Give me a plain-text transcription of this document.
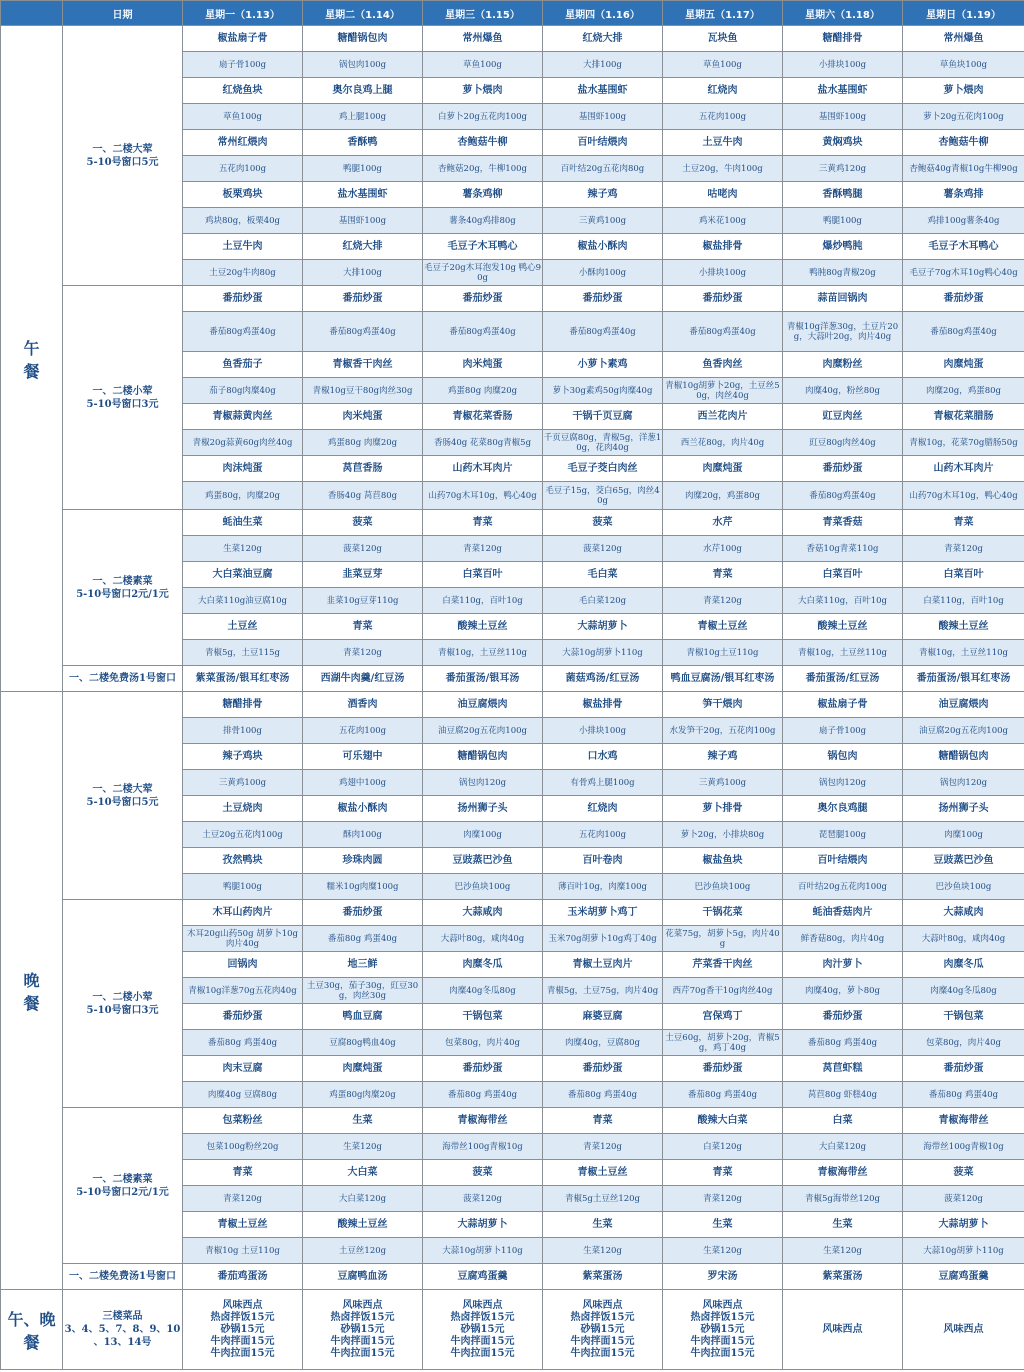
	日期	星期一（1.13）	星期二（1.14）	星期三（1.15）	星期四（1.16）	星期五（1.17）	星期六（1.18）	星期日（1.19）

午
餐	一、二楼大荤
5-10号窗口5元	椒盐扇子骨	糖醋锅包肉	常州爆鱼	红烧大排	瓦块鱼	糖醋排骨	常州爆鱼

		扇子骨100g	锅包肉100g	草鱼100g	大排100g	草鱼100g	小排块100g	草鱼块100g

		红烧鱼块	奥尔良鸡上腿	萝卜煨肉	盐水基围虾	红烧肉	盐水基围虾	萝卜煨肉

		草鱼100g	鸡上腿100g	白萝卜20g五花肉100g	基围虾100g	五花肉100g	基围虾100g	萝卜20g五花肉100g

		常州红煨肉	香酥鸭	杏鲍菇牛柳	百叶结煨肉	土豆牛肉	黄焖鸡块	杏鲍菇牛柳

		五花肉100g	鸭腿100g	杏鲍菇20g，牛柳100g	百叶结20g五花肉80g	土豆20g，牛肉100g	三黄鸡120g	杏鲍菇40g青椒10g牛柳90g

		板栗鸡块	盐水基围虾	薯条鸡柳	辣子鸡	咕咾肉	香酥鸭腿	薯条鸡排

		鸡块80g，板栗40g	基围虾100g	薯条40g鸡排80g	三黄鸡100g	鸡米花100g	鸭腿100g	鸡排100g薯条40g

		土豆牛肉	红烧大排	毛豆子木耳鸭心	椒盐小酥肉	椒盐排骨	爆炒鸭肫	毛豆子木耳鸭心

		土豆20g牛肉80g	大排100g	毛豆子20g木耳泡发10g 鸭心90g	小酥肉100g	小排块100g	鸭肫80g青椒20g	毛豆子70g木耳10g鸭心40g

	一、二楼小荤
5-10号窗口3元	番茄炒蛋	番茄炒蛋	番茄炒蛋	番茄炒蛋	番茄炒蛋	蒜苗回锅肉	番茄炒蛋

		番茄80g鸡蛋40g	番茄80g鸡蛋40g	番茄80g鸡蛋40g	番茄80g鸡蛋40g	番茄80g鸡蛋40g	青椒10g洋葱30g，土豆片20g，大蒜叶20g，肉片40g	番茄80g鸡蛋40g

		鱼香茄子	青椒香干肉丝	肉米炖蛋	小萝卜素鸡	鱼香肉丝	肉糜粉丝	肉糜炖蛋

		茄子80g肉糜40g	青椒10g豆干80g肉丝30g	鸡蛋80g 肉糜20g	萝卜30g素鸡50g肉糜40g	青椒10g胡萝卜20g，土豆丝50g，肉丝40g	肉糜40g，粉丝80g	肉糜20g，鸡蛋80g

		青椒蒜黄肉丝	肉米炖蛋	青椒花菜香肠	干锅千页豆腐	西兰花肉片	豇豆肉丝	青椒花菜腊肠

		青椒20g蒜黄60g肉丝40g	鸡蛋80g 肉糜20g	香肠40g 花菜80g青椒5g	千页豆腐80g，青椒5g，洋葱10g，花肉40g	西兰花80g，肉片40g	豇豆80g肉丝40g	青椒10g，花菜70g腊肠50g

		肉沫炖蛋	莴苣香肠	山药木耳肉片	毛豆子茭白肉丝	肉糜炖蛋	番茄炒蛋	山药木耳肉片

		鸡蛋80g，肉糜20g	香肠40g 莴苣80g	山药70g木耳10g，鸭心40g	毛豆子15g，茭白65g，肉丝40g	肉糜20g，鸡蛋80g	番茄80g鸡蛋40g	山药70g木耳10g，鸭心40g

	一、二楼素菜
5-10号窗口2元/1元	蚝油生菜	菠菜	青菜	菠菜	水芹	青菜香菇	青菜

		生菜120g	菠菜120g	青菜120g	菠菜120g	水芹100g	香菇10g青菜110g	青菜120g

		大白菜油豆腐	韭菜豆芽	白菜百叶	毛白菜	青菜	白菜百叶	白菜百叶

		大白菜110g油豆腐10g	韭菜10g豆芽110g	白菜110g，百叶10g	毛白菜120g	青菜120g	大白菜110g，百叶10g	白菜110g，百叶10g

		土豆丝	青菜	酸辣土豆丝	大蒜胡萝卜	青椒土豆丝	酸辣土豆丝	酸辣土豆丝

		青椒5g，土豆115g	青菜120g	青椒10g，土豆丝110g	大蒜10g胡萝卜110g	青椒10g土豆110g	青椒10g，土豆丝110g	青椒10g，土豆丝110g

	一、二楼免费汤1号窗口	紫菜蛋汤/银耳红枣汤	西湖牛肉羹/红豆汤	番茄蛋汤/银耳汤	菌菇鸡汤/红豆汤	鸭血豆腐汤/银耳红枣汤	番茄蛋汤/红豆汤	番茄蛋汤/银耳红枣汤

晚
餐	一、二楼大荤
5-10号窗口5元	糖醋排骨	酒香肉	油豆腐煨肉	椒盐排骨	笋干煨肉	椒盐扇子骨	油豆腐煨肉

		排骨100g	五花肉100g	油豆腐20g五花肉100g	小排块100g	水发笋干20g，五花肉100g	扇子骨100g	油豆腐20g五花肉100g

		辣子鸡块	可乐翅中	糖醋锅包肉	口水鸡	辣子鸡	锅包肉	糖醋锅包肉

		三黄鸡100g	鸡翅中100g	锅包肉120g	有骨鸡上腿100g	三黄鸡100g	锅包肉120g	锅包肉120g

		土豆烧肉	椒盐小酥肉	扬州狮子头	红烧肉	萝卜排骨	奥尔良鸡腿	扬州狮子头

		土豆20g五花肉100g	酥肉100g	肉糜100g	五花肉100g	萝卜20g，小排块80g	琵琶腿100g	肉糜100g

		孜然鸭块	珍珠肉圆	豆豉蒸巴沙鱼	百叶卷肉	椒盐鱼块	百叶结煨肉	豆豉蒸巴沙鱼

		鸭腿100g	糯米10g肉糜100g	巴沙鱼块100g	薄百叶10g，肉糜100g	巴沙鱼块100g	百叶结20g五花肉100g	巴沙鱼块100g

	一、二楼小荤
5-10号窗口3元	木耳山药肉片	番茄炒蛋	大蒜咸肉	玉米胡萝卜鸡丁	干锅花菜	蚝油香菇肉片	大蒜咸肉

		木耳20g山药50g 胡萝卜10g肉片40g	番茄80g 鸡蛋40g	大蒜叶80g，咸肉40g	玉米70g胡萝卜10g鸡丁40g	花菜75g，胡萝卜5g，肉片40g	鲜香菇80g，肉片40g	大蒜叶80g，咸肉40g

		回锅肉	地三鲜	肉糜冬瓜	青椒土豆肉片	芹菜香干肉丝	肉汁萝卜	肉糜冬瓜

		青椒10g洋葱70g五花肉40g	土豆30g，茄子30g，豇豆30g，肉丝30g	肉糜40g冬瓜80g	青椒5g，土豆75g，肉片40g	西芹70g香干10g肉丝40g	肉糜40g，萝卜80g	肉糜40g冬瓜80g

		番茄炒蛋	鸭血豆腐	干锅包菜	麻婆豆腐	宫保鸡丁	番茄炒蛋	干锅包菜

		番茄80g 鸡蛋40g	豆腐80g鸭血40g	包菜80g，肉片40g	肉糜40g，豆腐80g	土豆60g，胡萝卜20g，青椒5g，鸡丁40g	番茄80g 鸡蛋40g	包菜80g，肉片40g

		肉末豆腐	肉糜炖蛋	番茄炒蛋	番茄炒蛋	番茄炒蛋	莴苣虾糕	番茄炒蛋

		肉糜40g 豆腐80g	鸡蛋80g肉糜20g	番茄80g 鸡蛋40g	番茄80g 鸡蛋40g	番茄80g 鸡蛋40g	莴苣80g 虾糕40g	番茄80g 鸡蛋40g

	一、二楼素菜
5-10号窗口2元/1元	包菜粉丝	生菜	青椒海带丝	青菜	酸辣大白菜	白菜	青椒海带丝

		包菜100g粉丝20g	生菜120g	海带丝100g青椒10g	青菜120g	白菜120g	大白菜120g	海带丝100g青椒10g

		青菜	大白菜	菠菜	青椒土豆丝	青菜	青椒海带丝	菠菜

		青菜120g	大白菜120g	菠菜120g	青椒5g土豆丝120g	青菜120g	青椒5g海带丝120g	菠菜120g

		青椒土豆丝	酸辣土豆丝	大蒜胡萝卜	生菜	生菜	生菜	大蒜胡萝卜

		青椒10g 土豆110g	土豆丝120g	大蒜10g胡萝卜110g	生菜120g	生菜120g	生菜120g	大蒜10g胡萝卜110g

	一、二楼免费汤1号窗口	番茄鸡蛋汤	豆腐鸭血汤	豆腐鸡蛋羹	紫菜蛋汤	罗宋汤	紫菜蛋汤	豆腐鸡蛋羹

午、晚
餐	三楼菜品
3、4、5、7、8、9、10
、13、14号	风味西点
热卤拌饭15元
砂锅15元
牛肉拌面15元
牛肉拉面15元	风味西点
热卤拌饭15元
砂锅15元
牛肉拌面15元
牛肉拉面15元	风味西点
热卤拌饭15元
砂锅15元
牛肉拌面15元
牛肉拉面15元	风味西点
热卤拌饭15元
砂锅15元
牛肉拌面15元
牛肉拉面15元	风味西点
热卤拌饭15元
砂锅15元
牛肉拌面15元
牛肉拉面15元	风味西点	风味西点
